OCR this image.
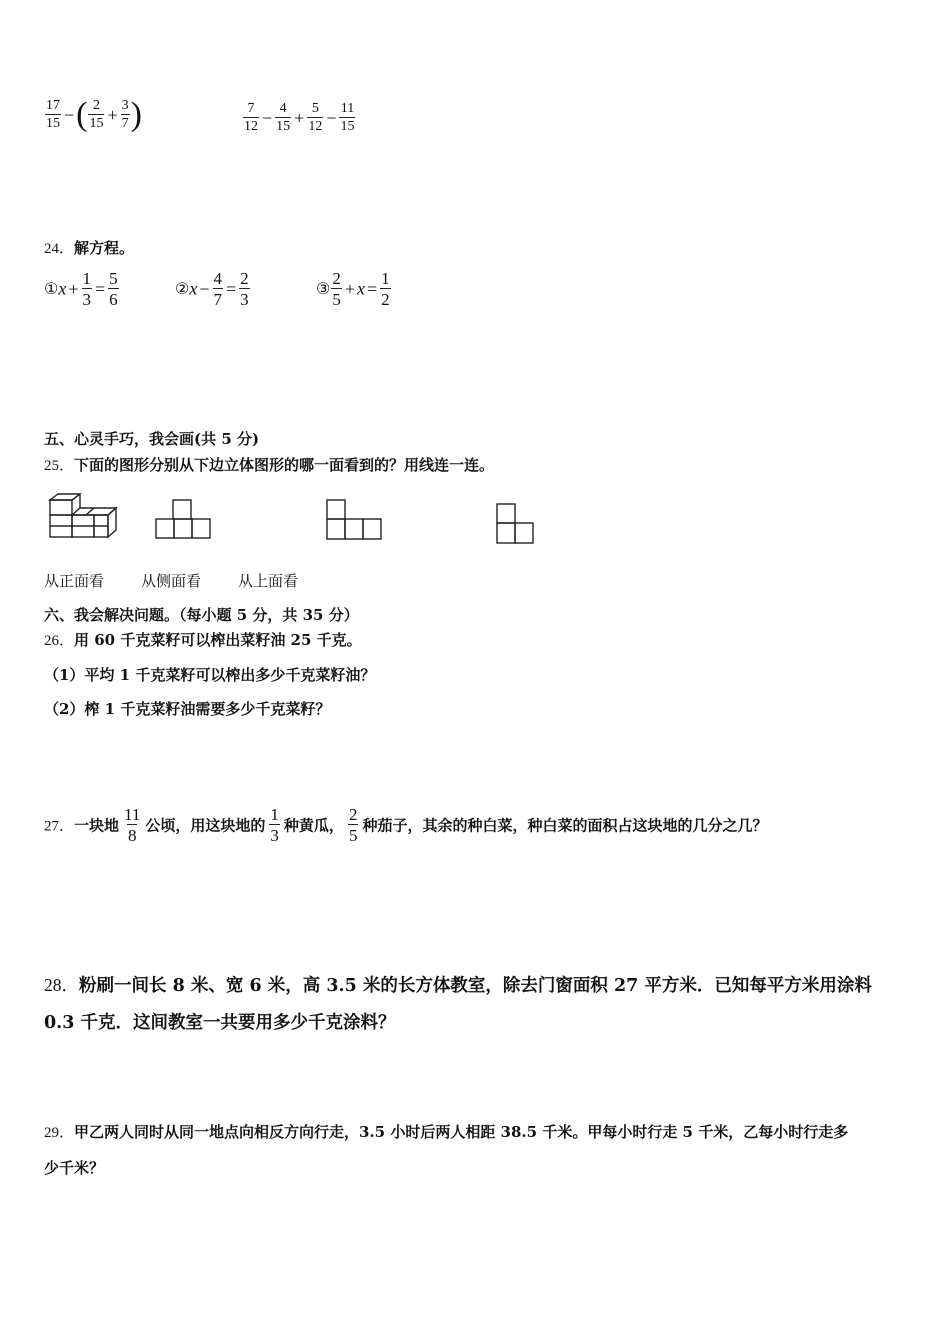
$\frac{17}{15}$ −( $\frac{2}{15} + \frac{3}{7}$ )	$\frac{7}{12} - \frac{4}{15} + \frac{5}{12} - \frac{11}{15}$
24．解方程。
①x + $\frac{1}{3} = \frac{5}{6}$	②x − $\frac{4}{7} = \frac{2}{3}$	③ $\frac{2}{5} + x = \frac{1}{2}$
五、心灵手巧，我会画(共 5 分)
25．下面的图形分别从下边立体图形的哪一面看到的？用线连一连。
从正面看 从侧面看 从上面看
六、我会解决问题。（每小题 5 分，共 35 分）
26．用 60 千克菜籽可以榨出菜籽油 25 千克。
（1）平均 1 千克菜籽可以榨出多少千克菜籽油？
（2）榨 1 千克菜籽油需要多少千克菜籽？
27．一块地 $\frac{11}{8}$ 公顷，用这块地的 $\frac{1}{3}$ 种黄瓜， $\frac{2}{5}$ 种茄子，其余的种白菜，种白菜的面积占这块地的几分之几？
28．粉刷一间长 8 米、宽 6 米，高 3.5 米的长方体教室，除去门窗面积 27 平方米．已知每平方米用涂料
0.3 千克．这间教室一共要用多少千克涂料？
29．甲乙两人同时从同一地点向相反方向行走，3.5 小时后两人相距 38.5 千米。甲每小时行走 5 千米，乙每小时行走多
少千米？
